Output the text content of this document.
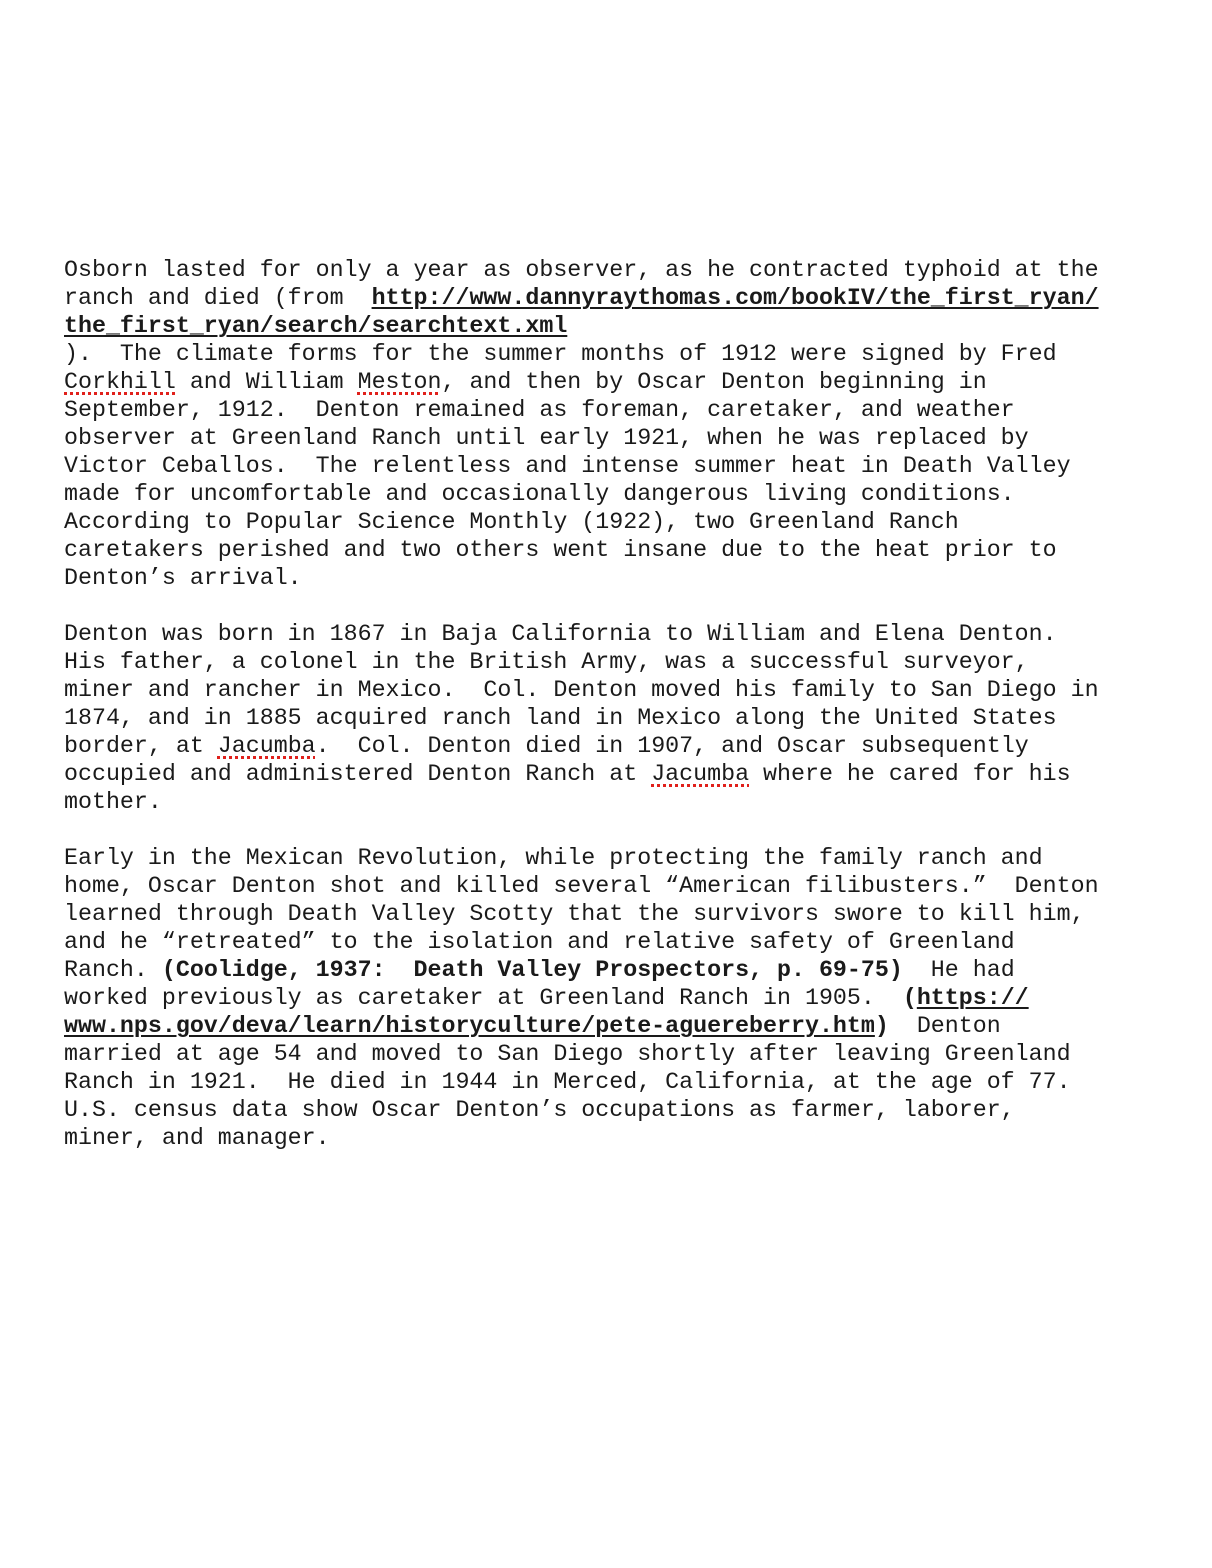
Osborn lasted for only a year as observer, as he contracted typhoid at the
ranch and died (from  http://www.dannyraythomas.com/bookIV/the_first_ryan/
the_first_ryan/search/searchtext.xml
).  The climate forms for the summer months of 1912 were signed by Fred
Corkhill and William Meston, and then by Oscar Denton beginning in
September, 1912.  Denton remained as foreman, caretaker, and weather
observer at Greenland Ranch until early 1921, when he was replaced by
Victor Ceballos.  The relentless and intense summer heat in Death Valley
made for uncomfortable and occasionally dangerous living conditions.
According to Popular Science Monthly (1922), two Greenland Ranch
caretakers perished and two others went insane due to the heat prior to
Denton’s arrival.
Denton was born in 1867 in Baja California to William and Elena Denton.
His father, a colonel in the British Army, was a successful surveyor,
miner and rancher in Mexico.  Col. Denton moved his family to San Diego in
1874, and in 1885 acquired ranch land in Mexico along the United States
border, at Jacumba.  Col. Denton died in 1907, and Oscar subsequently
occupied and administered Denton Ranch at Jacumba where he cared for his
mother.
Early in the Mexican Revolution, while protecting the family ranch and
home, Oscar Denton shot and killed several “American filibusters.”  Denton
learned through Death Valley Scotty that the survivors swore to kill him,
and he “retreated” to the isolation and relative safety of Greenland
Ranch. (Coolidge, 1937:  Death Valley Prospectors, p. 69-75)  He had
worked previously as caretaker at Greenland Ranch in 1905.  (https://
www.nps.gov/deva/learn/historyculture/pete-aguereberry.htm)  Denton
married at age 54 and moved to San Diego shortly after leaving Greenland
Ranch in 1921.  He died in 1944 in Merced, California, at the age of 77.
U.S. census data show Oscar Denton’s occupations as farmer, laborer,
miner, and manager.
